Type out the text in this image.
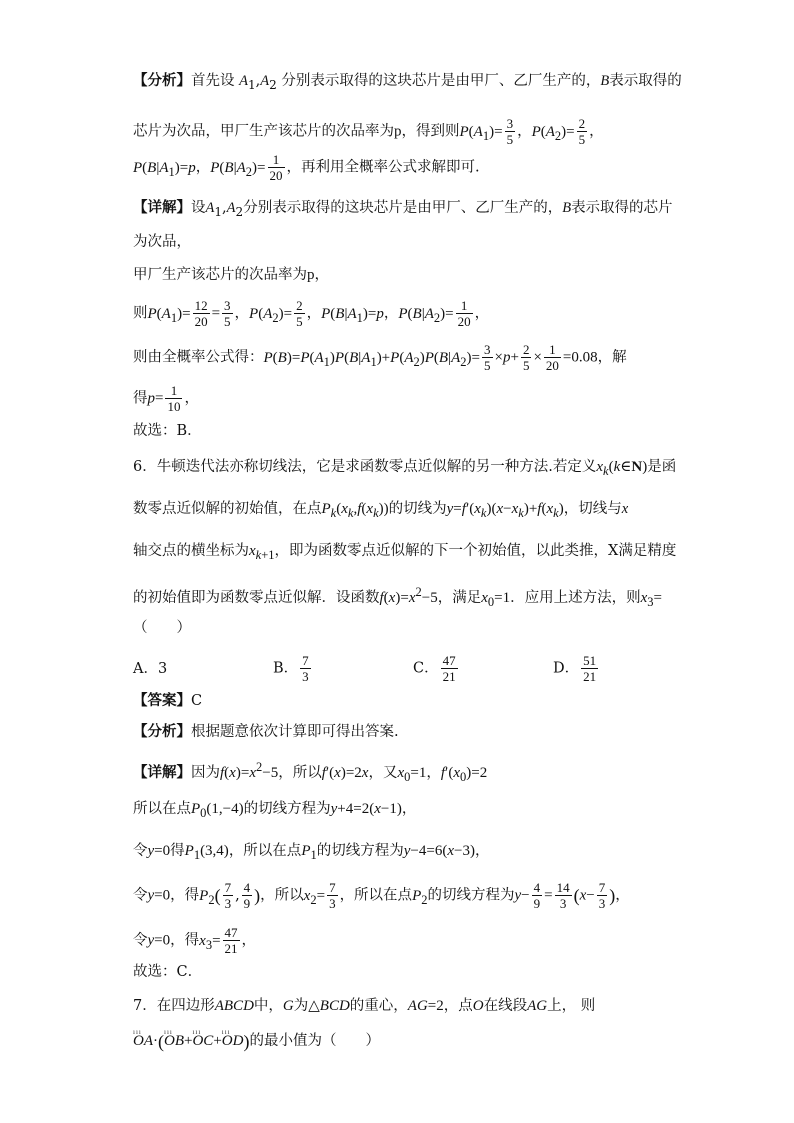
【分析】首先设 $A_1,A_2$ 分别表示取得的这块芯片是由甲厂、乙厂生产的，B表示取得的
芯片为次品，甲厂生产该芯片的次品率为p，得到则$P(A_1)= \frac{3}{5}$ ，$P(A_2)= \frac{2}{5}$ ，
$P(B|A_1)=p$，$P(B|A_2)= \frac{1}{20}$ ，再利用全概率公式求解即可.
【详解】设$A_1,A_2$分别表示取得的这块芯片是由甲厂、乙厂生产的，B表示取得的芯片
为次品，
甲厂生产该芯片的次品率为p，
则$P(A_1)= \frac{12}{20} = \frac{3}{5}$ ，$P(A_2)= \frac{2}{5}$ ，$P(B|A_1)=p$，$P(B|A_2)= \frac{1}{20}$ ，
则由全概率公式得：$P(B)=P(A_1)P(B|A_1)+P(A_2)P(B|A_2)= \frac{3}{5} \times p+ \frac{2}{5} \times \frac{1}{20} =0.08$，解
得$p= \frac{1}{10}$ ，
故选：B．
6．牛顿迭代法亦称切线法，它是求函数零点近似解的另一种方法.若定义$x_k(k\in N)$是函
数零点近似解的初始值，在点$P_k(x_k,f(x_k))$的切线为$y=f'(x_k)(x-x_k)+f(x_k)$，切线与x
轴交点的横坐标为$x_{k+1}$，即为函数零点近似解的下一个初始值，以此类推，X满足精度
的初始值即为函数零点近似解．设函数$f(x)=x^2-5$，满足$x_0=1$．应用上述方法，则$x_3=$
（　　）
A．3	B． $\frac{7}{3}$	C． $\frac{47}{21}$	D． $\frac{51}{21}$
【答案】C
【分析】根据题意依次计算即可得出答案.
【详解】因为$f(x)=x^2-5$，所以f′(x)=2x，又$x_0=1$，$f'(x_0)=2$
所以在点$P_0(1,-4)$的切线方程为y+4=2(x−1)，
令y=0得$P_1(3,4)$，所以在点$P_1$的切线方程为y−4=6(x−3)，
令y=0，得$P_2( \frac{7}{3}$ , $\frac{4}{9}$ )，所以$x_2= \frac{7}{3}$ ，所以在点$P_2$的切线方程为$y- \frac{4}{9} = \frac{14}{3} (x- \frac{7}{3}$ )，
令y=0，得$x_3= \frac{47}{21}$ ，
故选：C．
7．在四边形ABCD中，G为△BCD的重心，AG=2，点O在线段AG上， 则
ııı OA·(ııı OB+ııı OC+ııı OD)的最小值为（　　）
